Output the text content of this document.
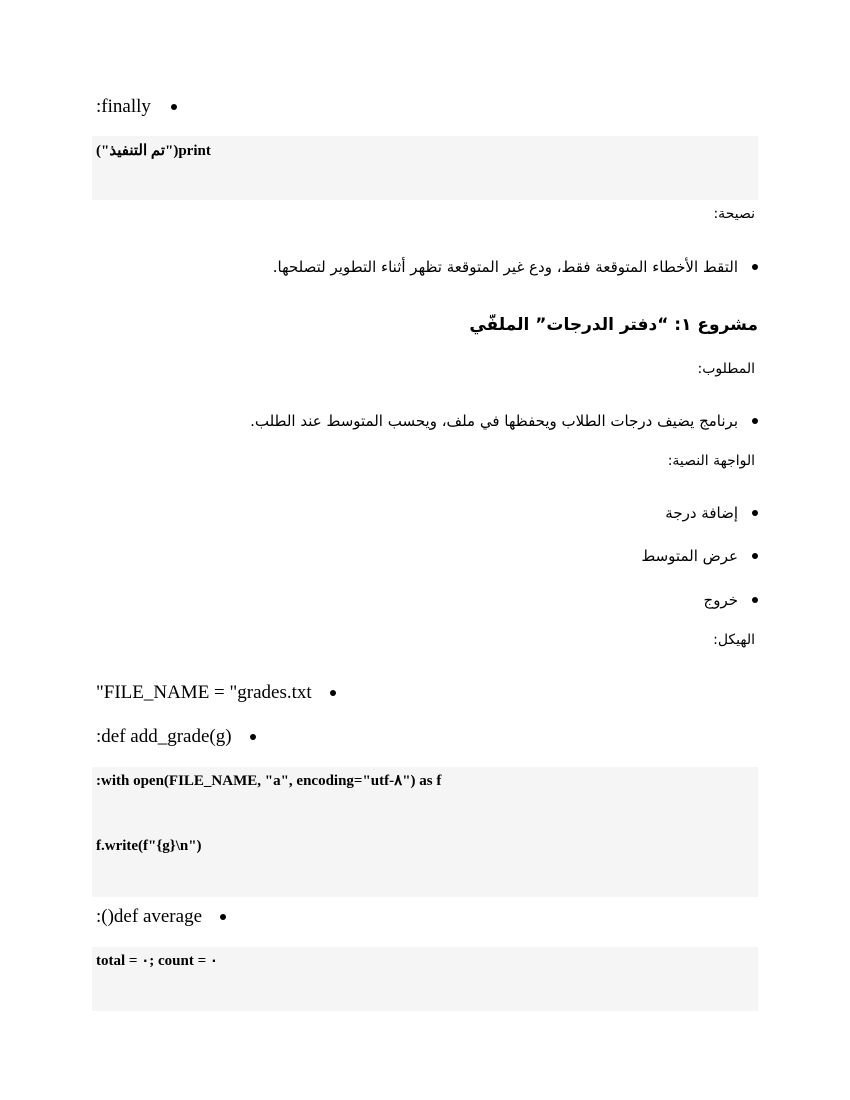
:finally
("تم التنفيذ")print
نصيحة:
التقط الأخطاء المتوقعة فقط، ودع غير المتوقعة تظهر أثناء التطوير لتصلحها.
مشروع ١: “دفتر الدرجات” الملفّي
المطلوب:
برنامج يضيف درجات الطلاب ويحفظها في ملف، ويحسب المتوسط عند الطلب.
الواجهة النصية:
إضافة درجة
عرض المتوسط
خروج
الهيكل:
"FILE_NAME = "grades.txt
:def add_grade(g)
:with open(FILE_NAME, "a", encoding="utf-٨") as f
f.write(f"{g}\n")
:()def average
total = ٠; count = ٠
